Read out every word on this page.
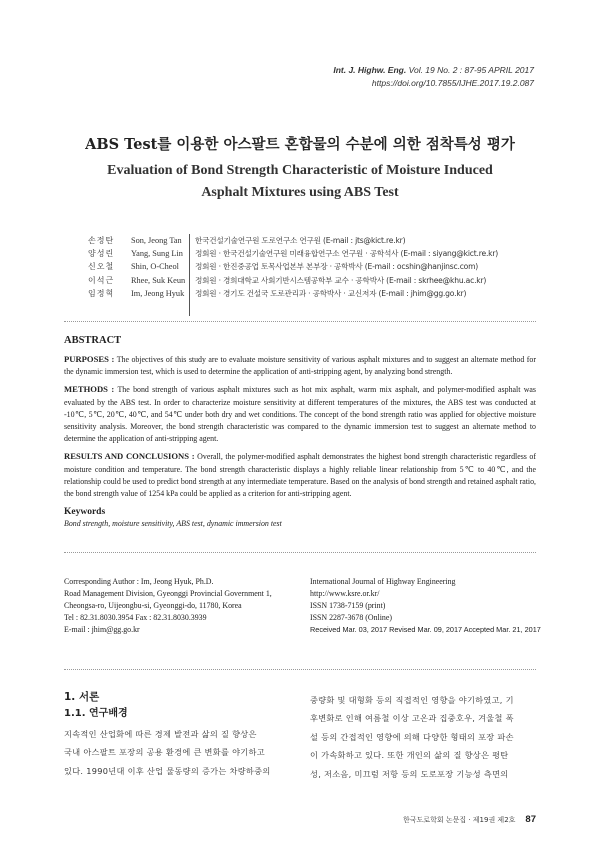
Int. J. Highw. Eng. Vol. 19 No. 2 : 87-95 APRIL 2017
https://doi.org/10.7855/IJHE.2017.19.2.087
ABS Test를 이용한 아스팔트 혼합물의 수분에 의한 점착특성 평가
Evaluation of Bond Strength Characteristic of Moisture Induced
Asphalt Mixtures using ABS Test
손정탄	Son, Jeong Tan	한국건설기술연구원 도로연구소 연구원 (E-mail : jts@kict.re.kr)
양성린	Yang, Sung Lin	정회원 · 한국건설기술연구원 미래융합연구소 연구원 · 공학석사 (E-mail : siyang@kict.re.kr)
신오철	Shin, O-Cheol	정회원 · 한진중공업 토목사업본부 본부장 · 공학박사 (E-mail : ocshin@hanjinsc.com)
이석근	Rhee, Suk Keun	정회원 · 경희대학교 사회기반시스템공학부 교수 · 공학박사 (E-mail : skrhee@khu.ac.kr)
임정혁	Im, Jeong Hyuk	정회원 · 경기도 건설국 도로관리과 · 공학박사 · 교신저자 (E-mail : jhim@gg.go.kr)
ABSTRACT

PURPOSES : The objectives of this study are to evaluate moisture sensitivity of various asphalt mixtures and to suggest an alternate method for the dynamic immersion test, which is used to determine the application of anti-stripping agent, by analyzing bond strength.

METHODS : The bond strength of various asphalt mixtures such as hot mix asphalt, warm mix asphalt, and polymer-modified asphalt was evaluated by the ABS test. In order to characterize moisture sensitivity at different temperatures of the mixtures, the ABS test was conducted at -10℃, 5℃, 20℃, 40℃, and 54℃ under both dry and wet conditions. The concept of the bond strength ratio was applied for objective moisture sensitivity analysis. Moreover, the bond strength characteristic was compared to the dynamic immersion test to suggest an alternate method to determine the application of anti-stripping agent.

RESULTS AND CONCLUSIONS : Overall, the polymer-modified asphalt demonstrates the highest bond strength characteristic regardless of moisture condition and temperature. The bond strength characteristic displays a highly reliable linear relationship from 5℃ to 40℃, and the relationship could be used to predict bond strength at any intermediate temperature. Based on the analysis of bond strength and retained asphalt ratio, the bond strength value of 1254 kPa could be applied as a criterion for anti-stripping agent.

Keywords

Bond strength, moisture sensitivity, ABS test, dynamic immersion test

Corresponding Author : Im, Jeong Hyuk, Ph.D.
Road Management Division, Gyeonggi Provincial Government 1,
Cheongsa-ro, Uijeongbu-si, Gyeonggi-do, 11780, Korea
Tel : 82.31.8030.3954 Fax : 82.31.8030.3939
E-mail : jhim@gg.go.kr
International Journal of Highway Engineering
http://www.ksre.or.kr/
ISSN 1738-7159 (print)
ISSN 2287-3678 (Online)
Received Mar. 03, 2017 Revised Mar. 09, 2017 Accepted Mar. 21, 2017
1. 서론
1.1. 연구배경

지속적인 산업화에 따른 경제 발전과 삶의 질 향상은

국내 아스팔트 포장의 공용 환경에 큰 변화를 야기하고

있다. 1990년대 이후 산업 물동량의 증가는 차량하중의

중량화 및 대형화 등의 직접적인 영향을 야기하였고, 기

후변화로 인해 여름철 이상 고온과 집중호우, 겨울철 폭

설 등의 간접적인 영향에 의해 다양한 형태의 포장 파손

이 가속화하고 있다. 또한 개인의 삶의 질 향상은 평탄

성, 저소음, 미끄럼 저항 등의 도로포장 기능성 측면의

한국도로학회 논문집 · 제19권 제2호 87
